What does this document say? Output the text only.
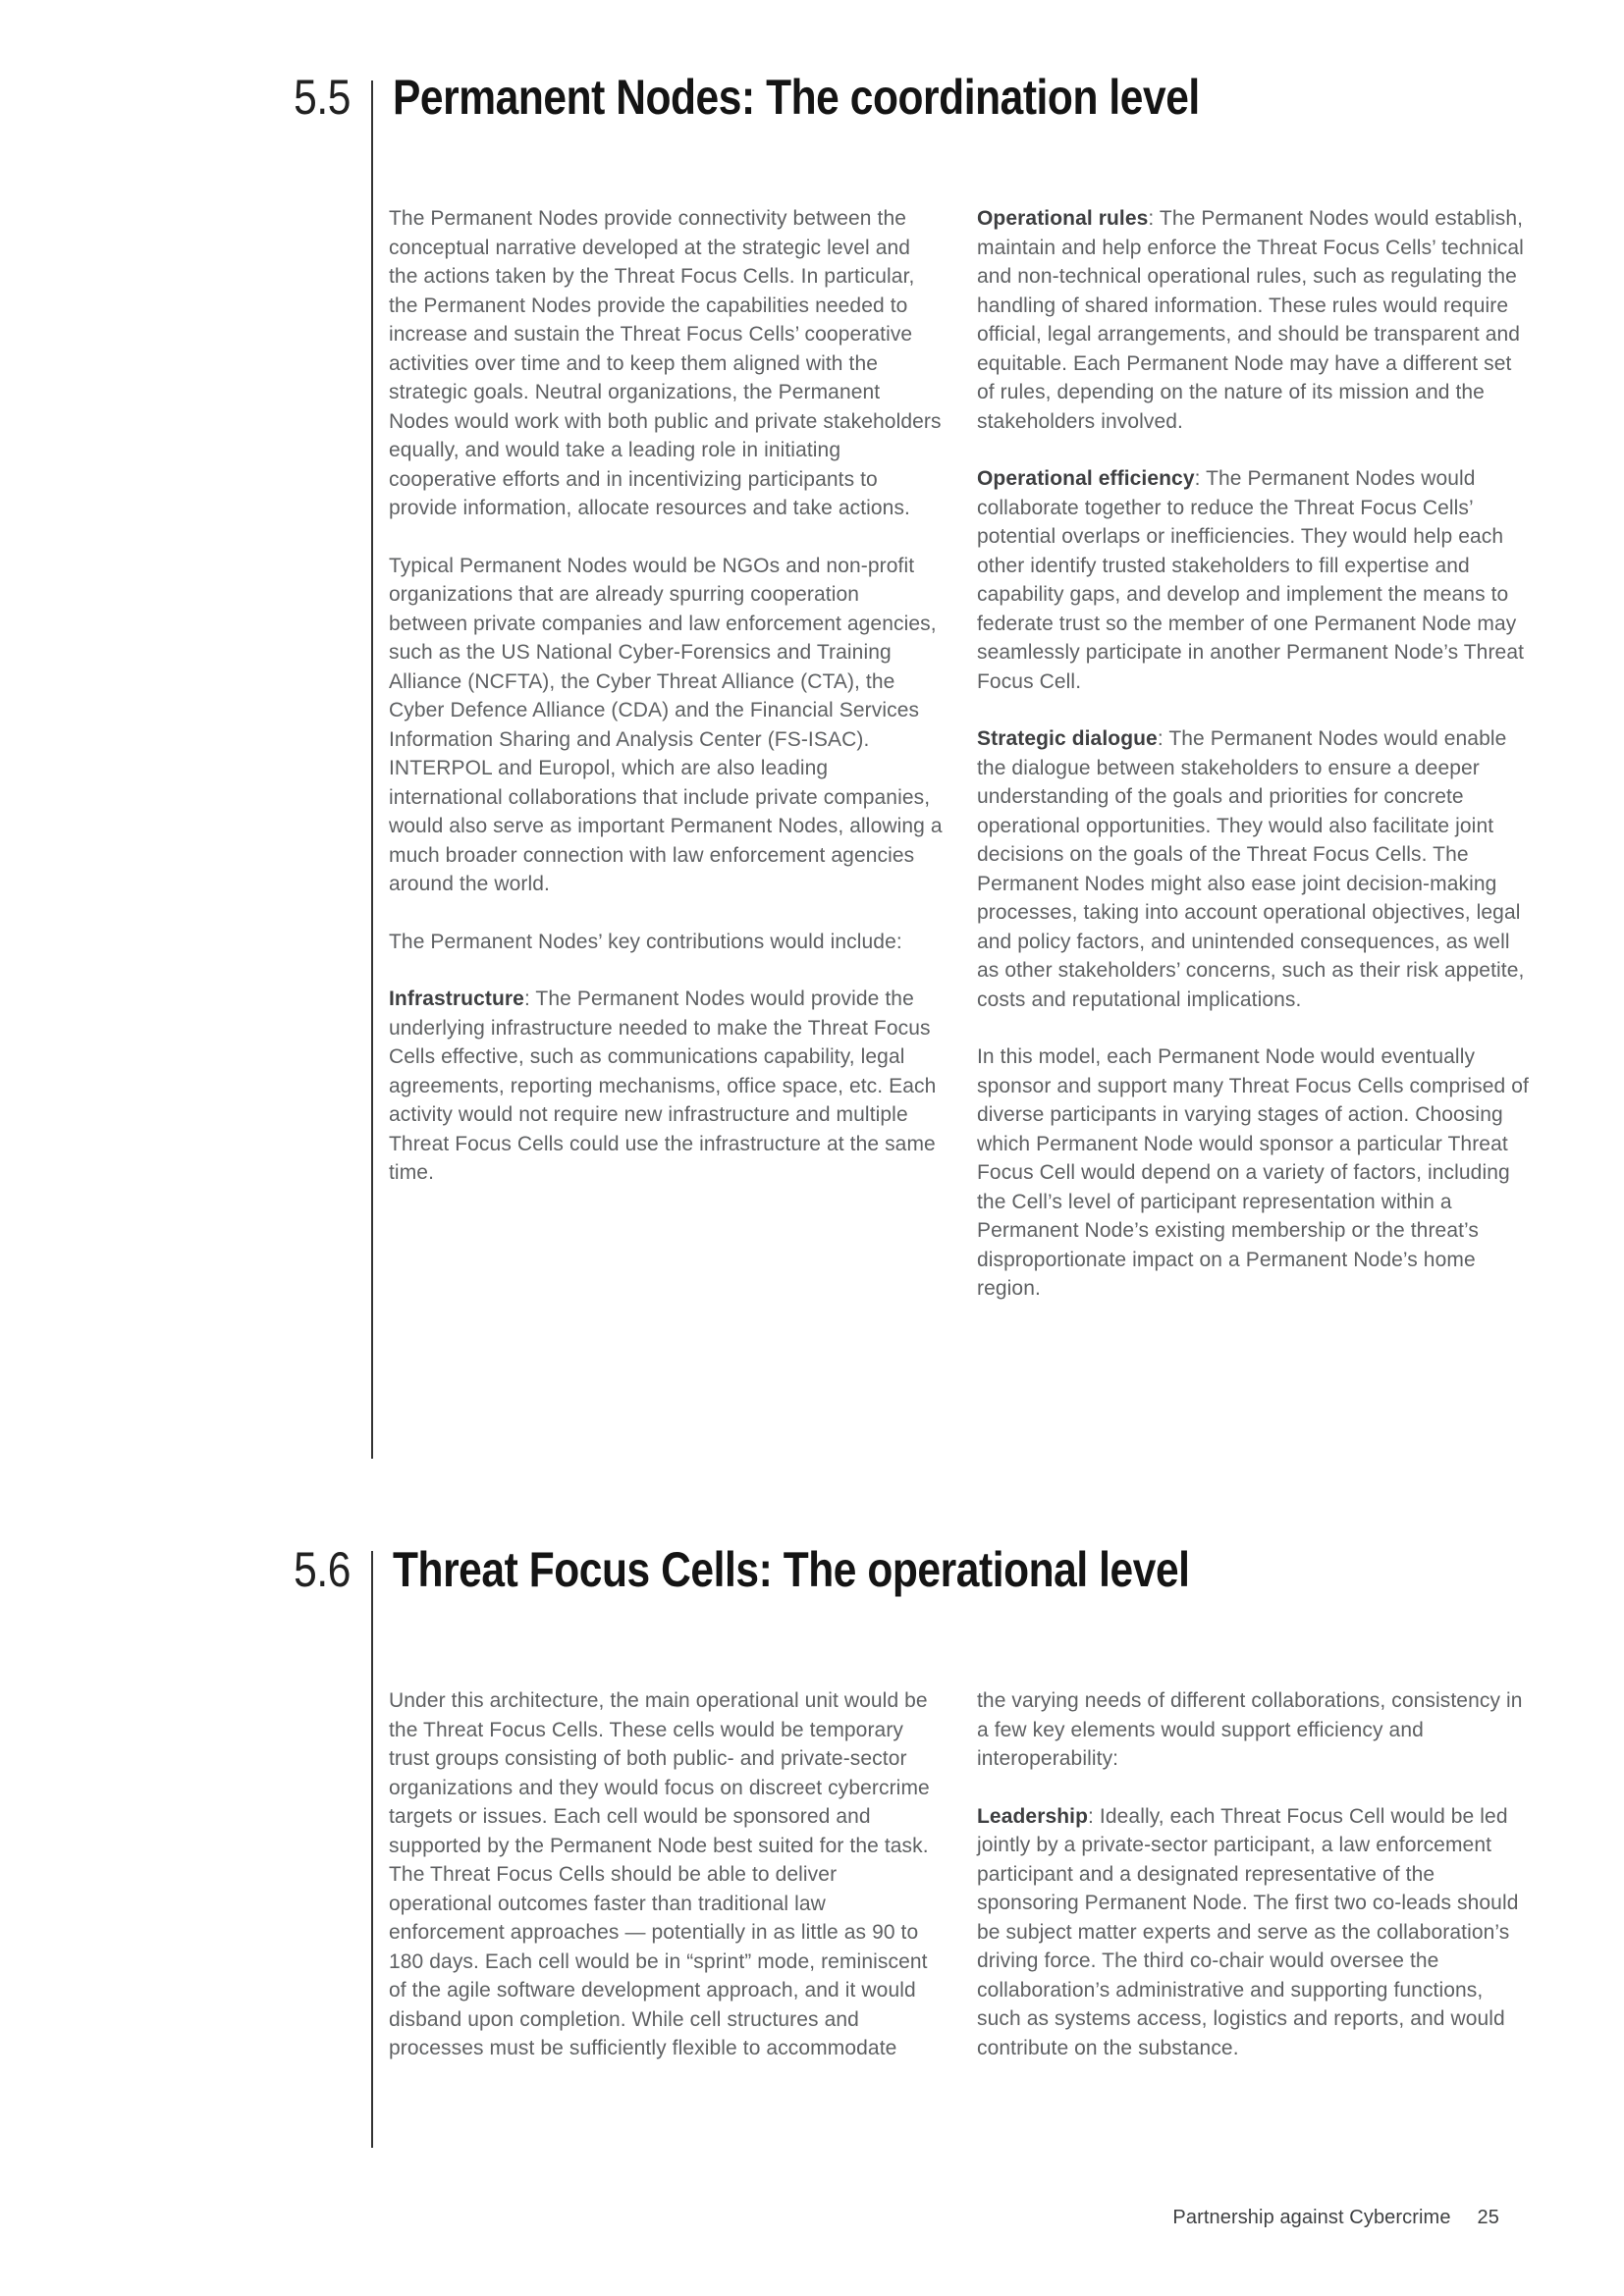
5.5 Permanent Nodes: The coordination level

The Permanent Nodes provide connectivity between the conceptual narrative developed at the strategic level and the actions taken by the Threat Focus Cells. In particular, the Permanent Nodes provide the capabilities needed to increase and sustain the Threat Focus Cells’ cooperative activities over time and to keep them aligned with the strategic goals. Neutral organizations, the Permanent Nodes would work with both public and private stakeholders equally, and would take a leading role in initiating cooperative efforts and in incentivizing participants to provide information, allocate resources and take actions.

Typical Permanent Nodes would be NGOs and non-profit organizations that are already spurring cooperation between private companies and law enforcement agencies, such as the US National Cyber-Forensics and Training Alliance (NCFTA), the Cyber Threat Alliance (CTA), the Cyber Defence Alliance (CDA) and the Financial Services Information Sharing and Analysis Center (FS-ISAC). INTERPOL and Europol, which are also leading international collaborations that include private companies, would also serve as important Permanent Nodes, allowing a much broader connection with law enforcement agencies around the world.

The Permanent Nodes’ key contributions would include:

Infrastructure: The Permanent Nodes would provide the underlying infrastructure needed to make the Threat Focus Cells effective, such as communications capability, legal agreements, reporting mechanisms, office space, etc. Each activity would not require new infrastructure and multiple Threat Focus Cells could use the infrastructure at the same time.

Operational rules: The Permanent Nodes would establish, maintain and help enforce the Threat Focus Cells’ technical and non-technical operational rules, such as regulating the handling of shared information. These rules would require official, legal arrangements, and should be transparent and equitable. Each Permanent Node may have a different set of rules, depending on the nature of its mission and the stakeholders involved.

Operational efficiency: The Permanent Nodes would collaborate together to reduce the Threat Focus Cells’ potential overlaps or inefficiencies. They would help each other identify trusted stakeholders to fill expertise and capability gaps, and develop and implement the means to federate trust so the member of one Permanent Node may seamlessly participate in another Permanent Node’s Threat Focus Cell.

Strategic dialogue: The Permanent Nodes would enable the dialogue between stakeholders to ensure a deeper understanding of the goals and priorities for concrete operational opportunities. They would also facilitate joint decisions on the goals of the Threat Focus Cells. The Permanent Nodes might also ease joint decision-making processes, taking into account operational objectives, legal and policy factors, and unintended consequences, as well as other stakeholders’ concerns, such as their risk appetite, costs and reputational implications.

In this model, each Permanent Node would eventually sponsor and support many Threat Focus Cells comprised of diverse participants in varying stages of action. Choosing which Permanent Node would sponsor a particular Threat Focus Cell would depend on a variety of factors, including the Cell’s level of participant representation within a Permanent Node’s existing membership or the threat’s disproportionate impact on a Permanent Node’s home region.

5.6 Threat Focus Cells: The operational level

Under this architecture, the main operational unit would be the Threat Focus Cells. These cells would be temporary trust groups consisting of both public- and private-sector organizations and they would focus on discreet cybercrime targets or issues. Each cell would be sponsored and supported by the Permanent Node best suited for the task. The Threat Focus Cells should be able to deliver operational outcomes faster than traditional law enforcement approaches — potentially in as little as 90 to 180 days. Each cell would be in “sprint” mode, reminiscent of the agile software development approach, and it would disband upon completion. While cell structures and processes must be sufficiently flexible to accommodate

the varying needs of different collaborations, consistency in a few key elements would support efficiency and interoperability:

Leadership: Ideally, each Threat Focus Cell would be led jointly by a private-sector participant, a law enforcement participant and a designated representative of the sponsoring Permanent Node. The first two co-leads should be subject matter experts and serve as the collaboration’s driving force. The third co-chair would oversee the collaboration’s administrative and supporting functions, such as systems access, logistics and reports, and would contribute on the substance.

Partnership against Cybercrime 25
